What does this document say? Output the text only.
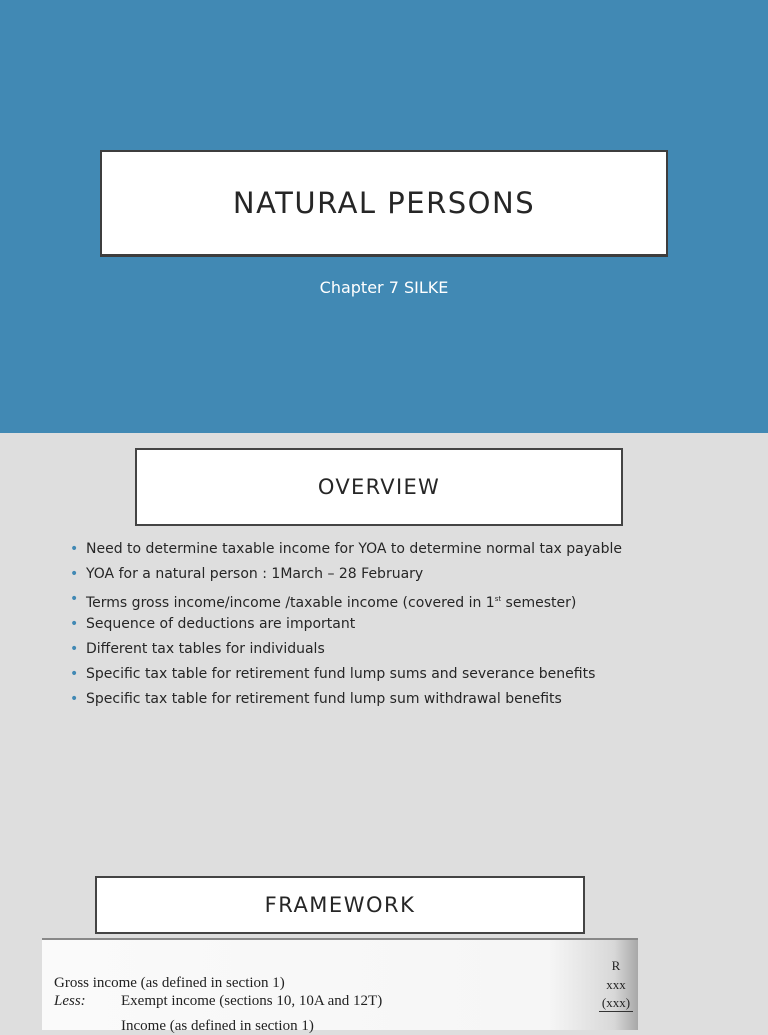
NATURAL PERSONS
Chapter 7 SILKE
OVERVIEW
• Need to determine taxable income for YOA to determine normal tax payable
• YOA for a natural person : 1March – 28 February
• Terms gross income/income /taxable income (covered in 1st semester)
• Sequence of deductions are important
• Different tax tables for individuals
• Specific tax table for retirement fund lump sums and severance benefits
• Specific tax table for retirement fund lump sum withdrawal benefits
FRAMEWORK
R
Gross income (as defined in section 1)	xxx
Less: Exempt income (sections 10, 10A and 12T)	(xxx)
Income (as defined in section 1)
